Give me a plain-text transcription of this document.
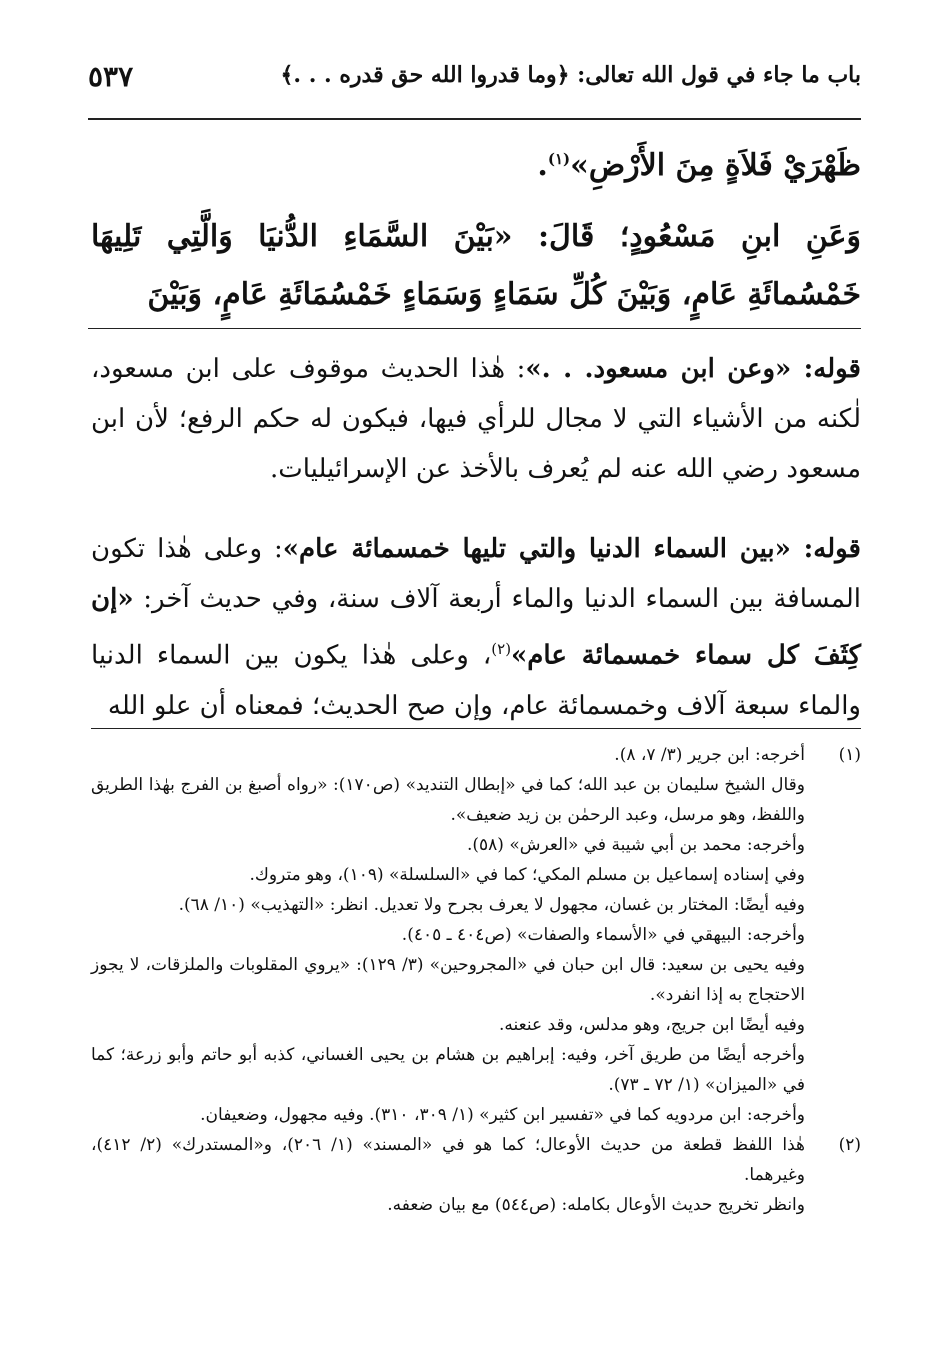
باب ما جاء في قول الله تعالى: ﴿وما قدروا الله حق قدره . . .﴾
٥٣٧
ظَهْرَيْ فَلاَةٍ مِنَ الأَرْضِ»$^{(١)}$.
وَعَنِ ابنِ مَسْعُودٍ؛ قَالَ: «بَيْنَ السَّمَاءِ الدُّنيَا وَالَّتِي تَلِيهَا خَمْسُمائَةِ عَامٍ، وَبَيْنَ كُلِّ سَمَاءٍ وَسَمَاءٍ خَمْسُمَائَةِ عَامٍ، وَبَيْنَ
قوله: «وعن ابن مسعود. . .»: هٰذا الحديث موقوف على ابن مسعود، لٰكنه من الأشياء التي لا مجال للرأي فيها، فيكون له حكم الرفع؛ لأن ابن مسعود رضي الله عنه لم يُعرف بالأخذ عن الإسرائيليات.
قوله: «بين السماء الدنيا والتي تليها خمسمائة عام»: وعلى هٰذا تكون المسافة بين السماء الدنيا والماء أربعة آلاف سنة، وفي حديث آخر: «إن كِثَفَ كل سماء خمسمائة عام»$^{(٢)}$، وعلى هٰذا يكون بين السماء الدنيا والماء سبعة آلاف وخمسمائة عام، وإن صح الحديث؛ فمعناه أن علو الله
(١)
أخرجه: ابن جرير (٣/ ٧، ٨).
وقال الشيخ سليمان بن عبد الله؛ كما في «إبطال التنديد» (ص١٧٠): «رواه أصبغ بن الفرج بهٰذا الطريق واللفظ، وهو مرسل، وعبد الرحمٰن بن زيد ضعيف».
وأخرجه: محمد بن أبي شيبة في «العرش» (٥٨).
وفي إسناده إسماعيل بن مسلم المكي؛ كما في «السلسلة» (١٠٩)، وهو متروك.
وفيه أيضًا: المختار بن غسان، مجهول لا يعرف بجرح ولا تعديل. انظر: «التهذيب» (١٠/ ٦٨).
وأخرجه: البيهقي في «الأسماء والصفات» (ص٤٠٤ ـ ٤٠٥).
وفيه يحيى بن سعيد: قال ابن حبان في «المجروحين» (٣/ ١٢٩): «يروي المقلوبات والملزقات، لا يجوز الاحتجاج به إذا انفرد».
وفيه أيضًا ابن جريج، وهو مدلس، وقد عنعنه.
وأخرجه أيضًا من طريق آخر، وفيه: إبراهيم بن هشام بن يحيى الغساني، كذبه أبو حاتم وأبو زرعة؛ كما في «الميزان» (١/ ٧٢ ـ ٧٣).
وأخرجه: ابن مردويه كما في «تفسير ابن كثير» (١/ ٣٠٩، ٣١٠). وفيه مجهول، وضعيفان.
(٢)
هٰذا اللفظ قطعة من حديث الأوعال؛ كما هو في «المسند» (١/ ٢٠٦)، و«المستدرك» (٢/ ٤١٢)، وغيرهما.
وانظر تخريج حديث الأوعال بكامله: (ص٥٤٤) مع بيان ضعفه.
